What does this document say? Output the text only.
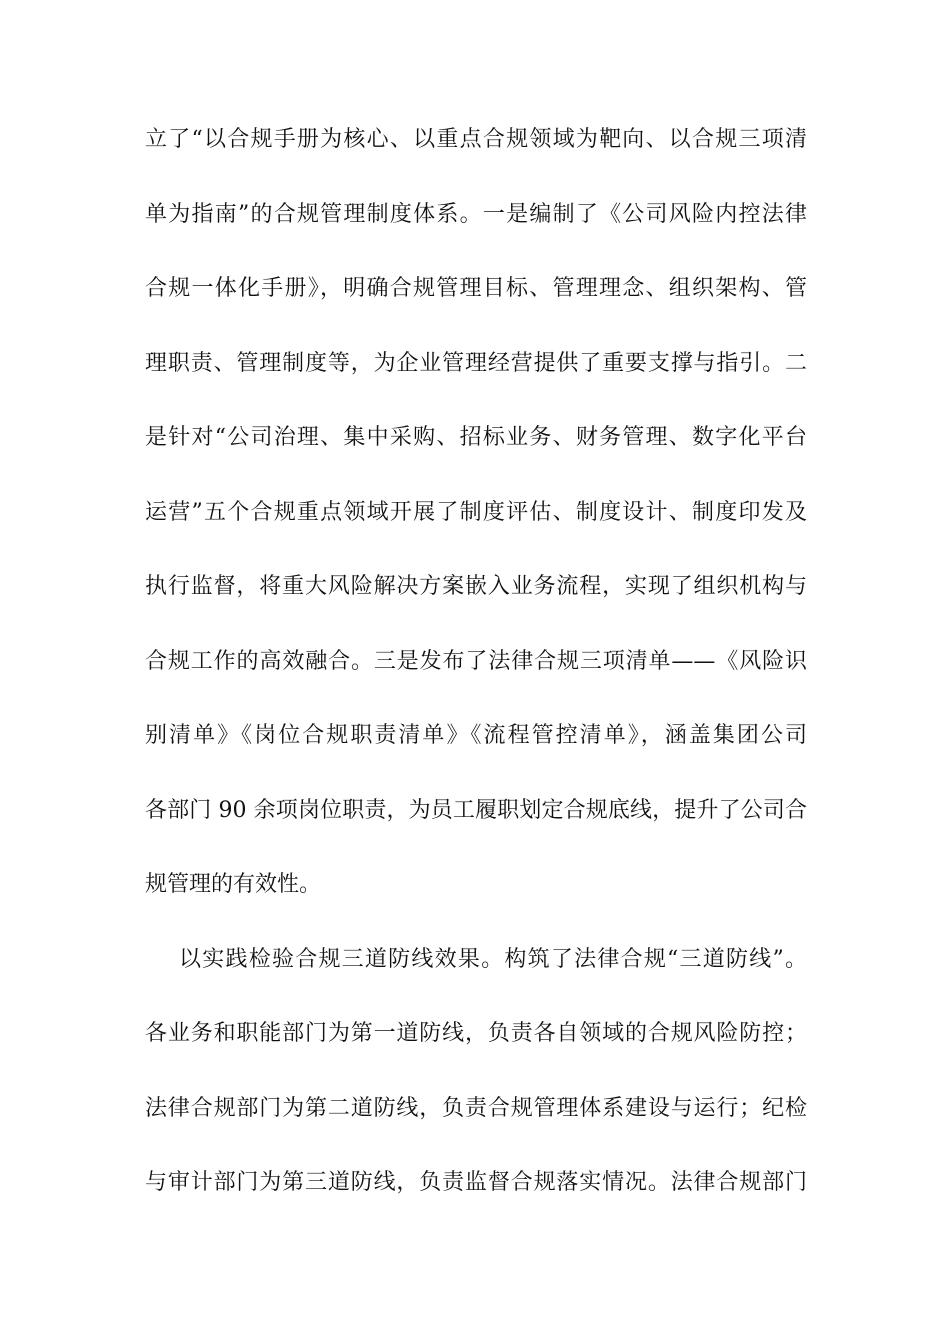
立了“以合规手册为核心、以重点合规领域为靶向、以合规三项清
单为指南”的合规管理制度体系。一是编制了《公司风险内控法律
合规一体化手册》，明确合规管理目标、管理理念、组织架构、管
理职责、管理制度等，为企业管理经营提供了重要支撑与指引。二
是针对“公司治理、集中采购、招标业务、财务管理、数字化平台
运营”五个合规重点领域开展了制度评估、制度设计、制度印发及
执行监督，将重大风险解决方案嵌入业务流程，实现了组织机构与
合规工作的高效融合。三是发布了法律合规三项清单——《风险识
别清单》《岗位合规职责清单》《流程管控清单》，涵盖集团公司
各部门 90 余项岗位职责，为员工履职划定合规底线，提升了公司合
规管理的有效性。
以实践检验合规三道防线效果。构筑了法律合规“三道防线”。
各业务和职能部门为第一道防线，负责各自领域的合规风险防控；
法律合规部门为第二道防线，负责合规管理体系建设与运行；纪检
与审计部门为第三道防线，负责监督合规落实情况。法律合规部门
